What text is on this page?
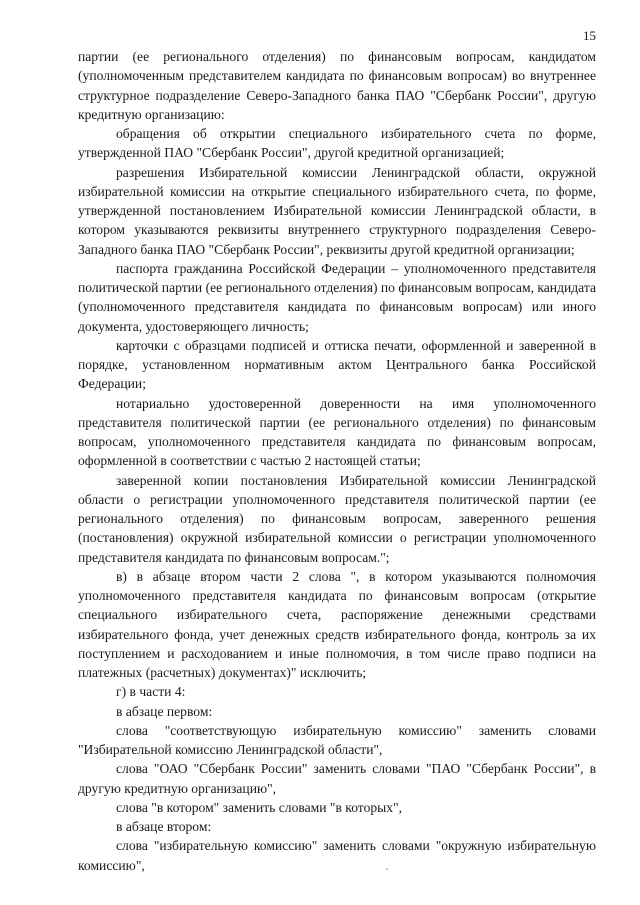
15

партии (ее регионального отделения) по финансовым вопросам, кандидатом (уполномоченным представителем кандидата по финансовым вопросам) во внутреннее структурное подразделение Северо-Западного банка ПАО "Сбербанк России", другую кредитную организацию:

обращения об открытии специального избирательного счета по форме, утвержденной ПАО "Сбербанк России", другой кредитной организацией;

разрешения Избирательной комиссии Ленинградской области, окружной избирательной комиссии на открытие специального избирательного счета, по форме, утвержденной постановлением Избирательной комиссии Ленинградской области, в котором указываются реквизиты внутреннего структурного подразделения Северо-Западного банка ПАО "Сбербанк России", реквизиты другой кредитной организации;

паспорта гражданина Российской Федерации – уполномоченного представителя политической партии (ее регионального отделения) по финансовым вопросам, кандидата (уполномоченного представителя кандидата по финансовым вопросам) или иного документа, удостоверяющего личность;

карточки с образцами подписей и оттиска печати, оформленной и заверенной в порядке, установленном нормативным актом Центрального банка Российской Федерации;

нотариально удостоверенной доверенности на имя уполномоченного представителя политической партии (ее регионального отделения) по финансовым вопросам, уполномоченного представителя кандидата по финансовым вопросам, оформленной в соответствии с частью 2 настоящей статьи;

заверенной копии постановления Избирательной комиссии Ленинградской области о регистрации уполномоченного представителя политической партии (ее регионального отделения) по финансовым вопросам, заверенного решения (постановления) окружной избирательной комиссии о регистрации уполномоченного представителя кандидата по финансовым вопросам.";

в) в абзаце втором части 2 слова ", в котором указываются полномочия уполномоченного представителя кандидата по финансовым вопросам (открытие специального избирательного счета, распоряжение денежными средствами избирательного фонда, учет денежных средств избирательного фонда, контроль за их поступлением и расходованием и иные полномочия, в том числе право подписи на платежных (расчетных) документах)" исключить;

г) в части 4:

в абзаце первом:

слова "соответствующую избирательную комиссию" заменить словами "Избирательной комиссию Ленинградской области",

слова "ОАО "Сбербанк России" заменить словами "ПАО "Сбербанк России", в другую кредитную организацию",

слова "в котором" заменить словами "в которых",

в абзаце втором:

слова "избирательную комиссию" заменить словами "окружную избирательную комиссию",
